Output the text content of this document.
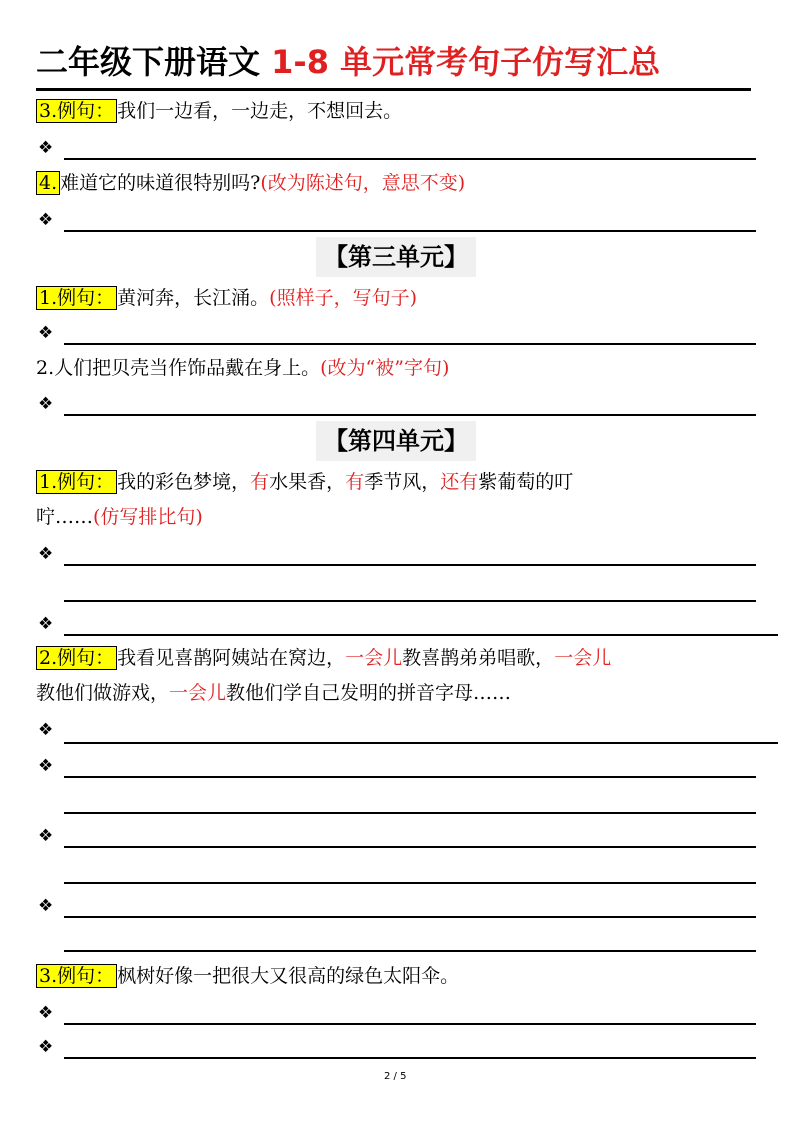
二年级下册语文 1-8 单元常考句子仿写汇总
3.例句： 我们一边看，一边走，不想回去。
❖
4. 难道它的味道很特别吗?(改为陈述句，意思不变)
❖
【第三单元】
1.例句： 黄河奔，长江涌。(照样子，写句子)
❖
2.人们把贝壳当作饰品戴在身上。(改为“被”字句)
❖
【第四单元】
1.例句： 我的彩色梦境，有水果香，有季节风，还有紫葡萄的叮
咛……(仿写排比句)
❖
❖
2.例句： 我看见喜鹊阿姨站在窝边，一会儿教喜鹊弟弟唱歌，一会儿
教他们做游戏，一会儿教他们学自己发明的拼音字母……
❖
❖
❖
❖
3.例句： 枫树好像一把很大又很高的绿色太阳伞。
❖
❖
2 / 5
